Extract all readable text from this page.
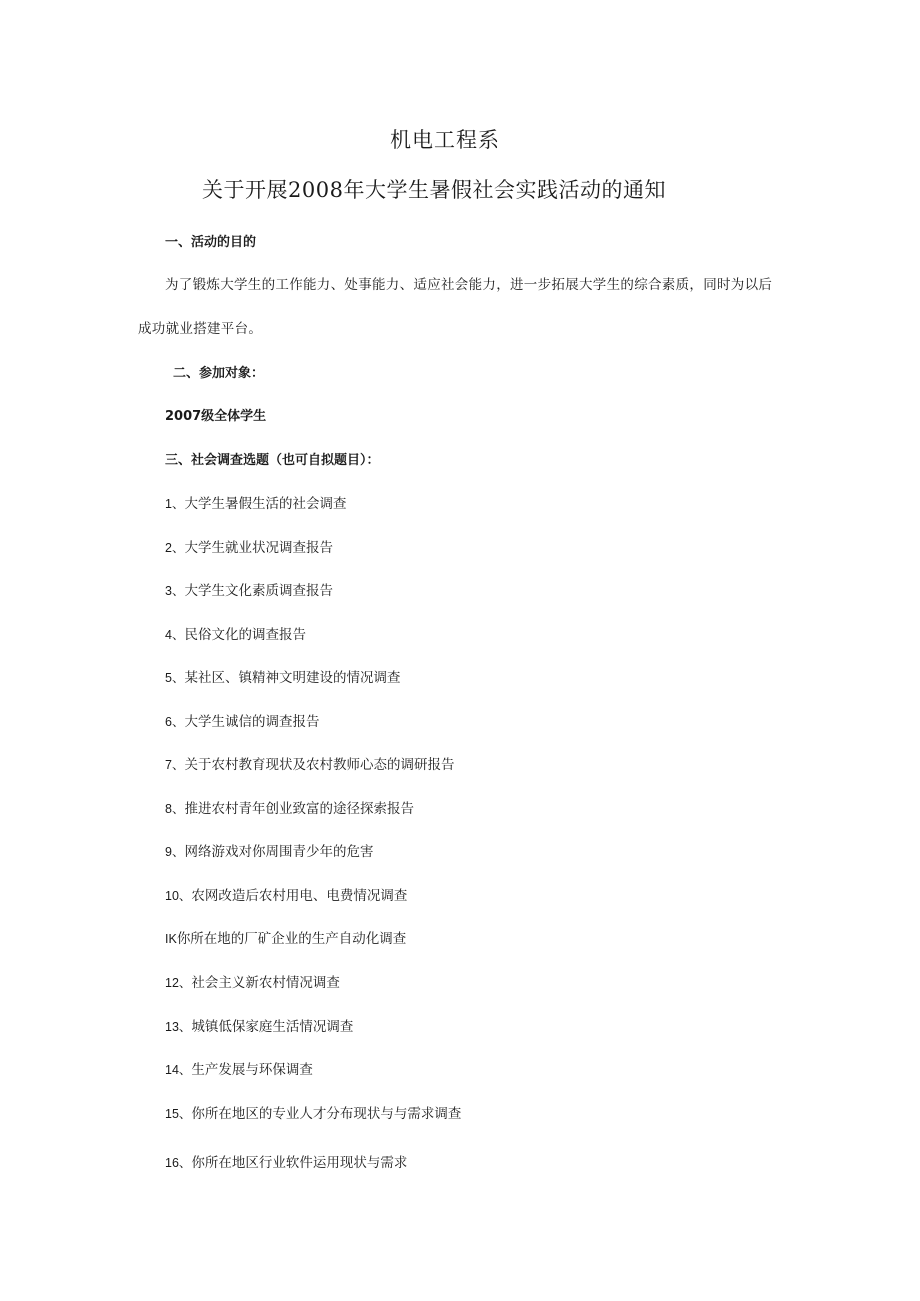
机电工程系
关于开展2008年大学生暑假社会实践活动的通知
一、活动的目的
为了锻炼大学生的工作能力、处事能力、适应社会能力，进一步拓展大学生的综合素质，同时为以后
成功就业搭建平台。
二、参加对象：
2007级全体学生
三、社会调查选题（也可自拟题目）：
1、大学生暑假生活的社会调查
2、大学生就业状况调查报告
3、大学生文化素质调查报告
4、民俗文化的调查报告
5、某社区、镇精神文明建设的情况调查
6、大学生诚信的调查报告
7、关于农村教育现状及农村教师心态的调研报告
8、推进农村青年创业致富的途径探索报告
9、网络游戏对你周围青少年的危害
10、农网改造后农村用电、电费情况调查
IK你所在地的厂矿企业的生产自动化调查
12、社会主义新农村情况调查
13、城镇低保家庭生活情况调查
14、生产发展与环保调查
15、你所在地区的专业人才分布现状与与需求调查
16、你所在地区行业软件运用现状与需求
